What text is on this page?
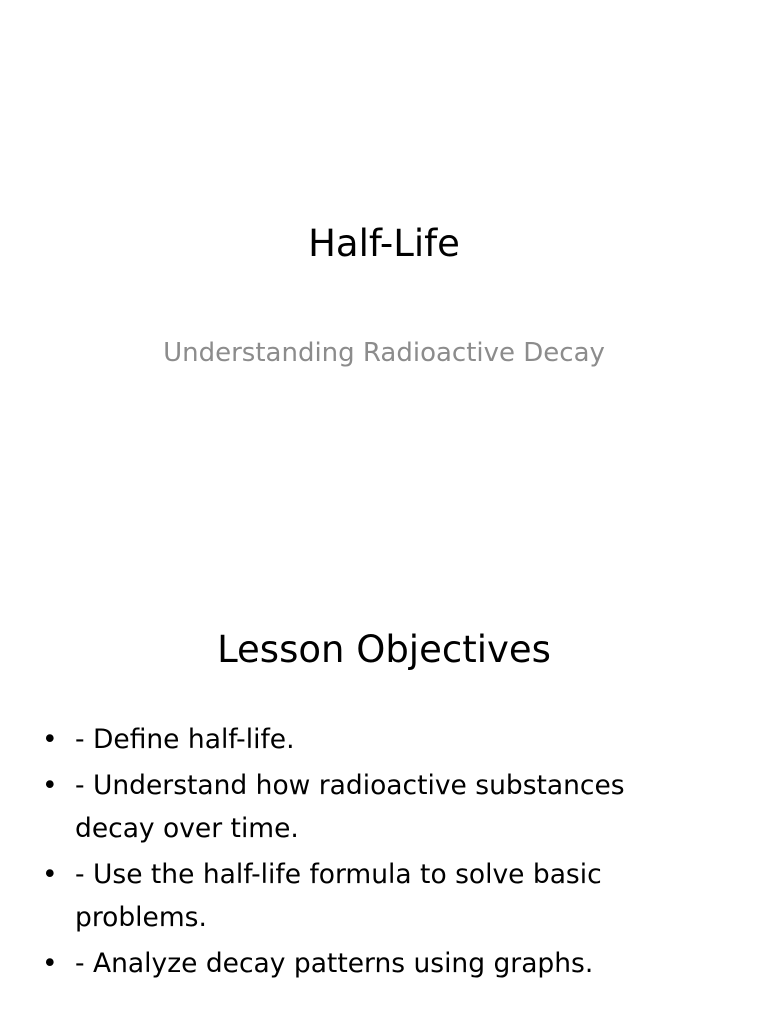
Half-Life
Understanding Radioactive Decay
Lesson Objectives
• - Define half-life.
• - Understand how radioactive substances decay over time.
• - Use the half-life formula to solve basic problems.
• - Analyze decay patterns using graphs.
